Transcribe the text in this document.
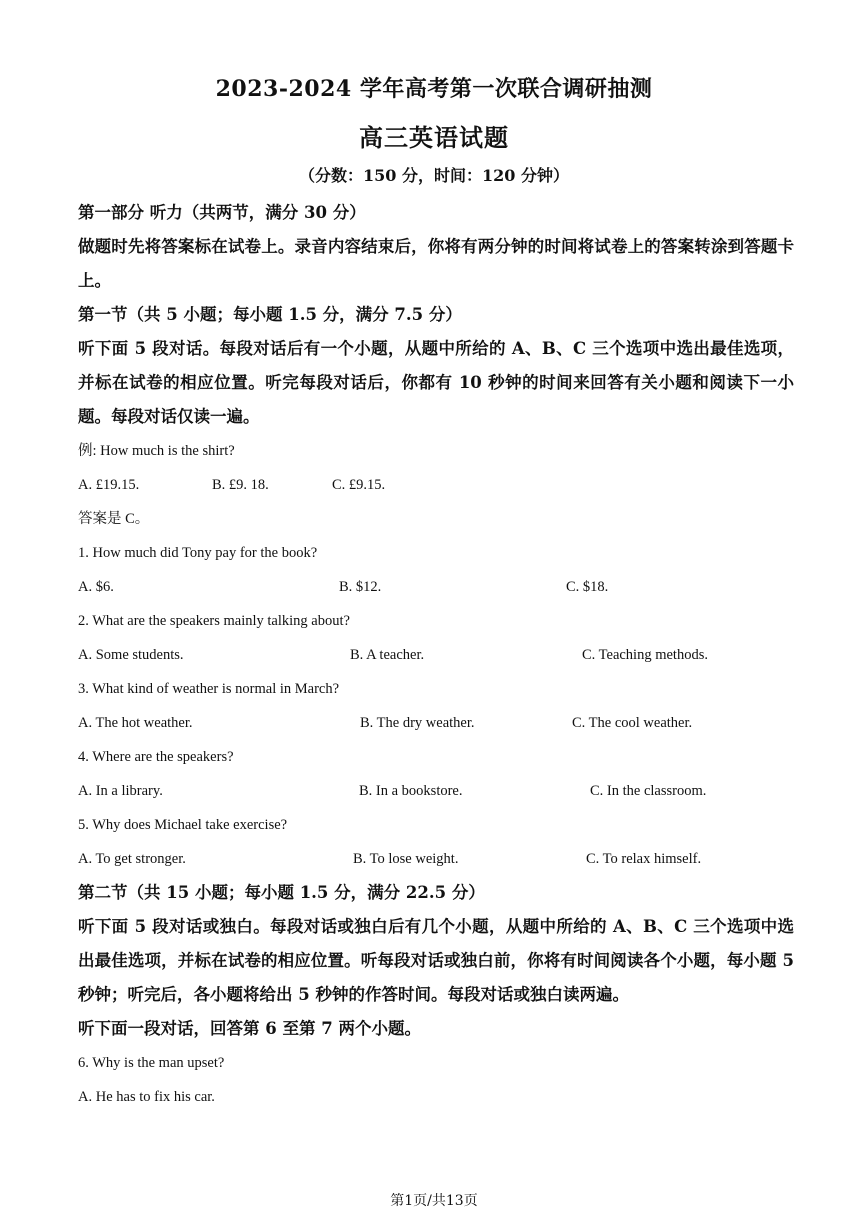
2023-2024 学年高考第一次联合调研抽测
高三英语试题
（分数：150 分，时间：120 分钟）

第一部分 听力（共两节，满分 30 分）

做题时先将答案标在试卷上。录音内容结束后，你将有两分钟的时间将试卷上的答案转涂到答题卡上。

第一节（共 5 小题；每小题 1.5 分，满分 7.5 分）

听下面 5 段对话。每段对话后有一个小题，从题中所给的 A、B、C 三个选项中选出最佳选项，并标在试卷的相应位置。听完每段对话后，你都有 10 秒钟的时间来回答有关小题和阅读下一小题。每段对话仅读一遍。

例: How much is the shirt?

A. £19.15.	B. £9. 18.	C. £9.15.

答案是 C。

1. How much did Tony pay for the book?

A. $6.	B. $12.	C. $18.

2. What are the speakers mainly talking about?

A. Some students.	B. A teacher.	C. Teaching methods.

3. What kind of weather is normal in March?

A. The hot weather.	B. The dry weather.	C. The cool weather.

4. Where are the speakers?

A. In a library.	B. In a bookstore.	C. In the classroom.

5. Why does Michael take exercise?

A. To get stronger.	B. To lose weight.	C. To relax himself.

第二节（共 15 小题；每小题 1.5 分，满分 22.5 分）

听下面 5 段对话或独白。每段对话或独白后有几个小题，从题中所给的 A、B、C 三个选项中选出最佳选项，并标在试卷的相应位置。听每段对话或独白前，你将有时间阅读各个小题，每小题 5 秒钟；听完后，各小题将给出 5 秒钟的作答时间。每段对话或独白读两遍。

听下面一段对话，回答第 6 至第 7 两个小题。

6. Why is the man upset?

A. He has to fix his car.

第1页/共13页
